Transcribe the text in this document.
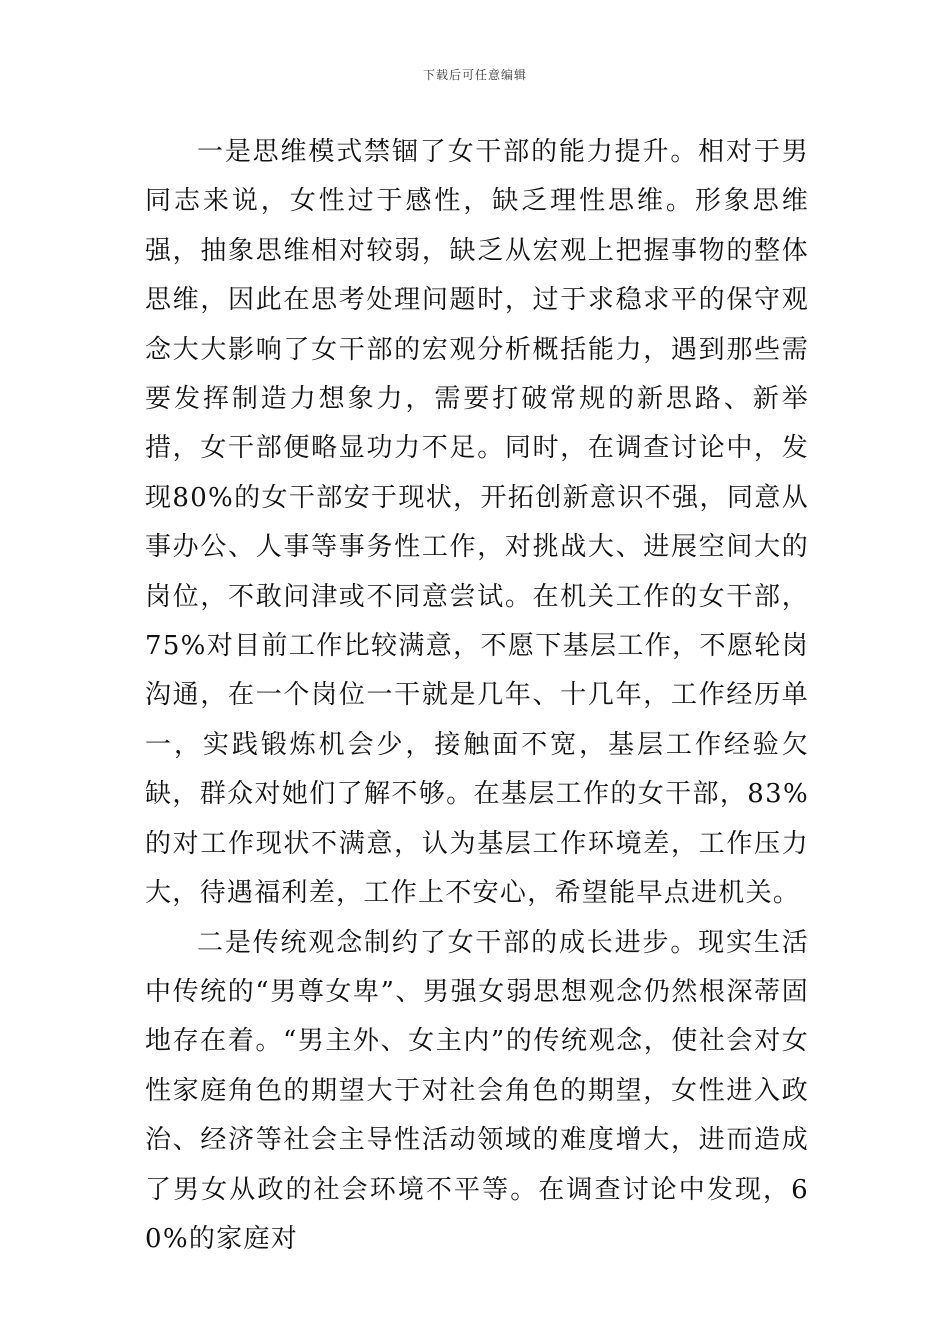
下载后可任意编辑

一是思维模式禁锢了女干部的能力提升。相对于男同志来说，女性过于感性，缺乏理性思维。形象思维强，抽象思维相对较弱，缺乏从宏观上把握事物的整体思维，因此在思考处理问题时，过于求稳求平的保守观念大大影响了女干部的宏观分析概括能力，遇到那些需要发挥制造力想象力，需要打破常规的新思路、新举措，女干部便略显功力不足。同时，在调查讨论中，发现80%的女干部安于现状，开拓创新意识不强，同意从事办公、人事等事务性工作，对挑战大、进展空间大的岗位，不敢问津或不同意尝试。在机关工作的女干部，75%对目前工作比较满意，不愿下基层工作，不愿轮岗沟通，在一个岗位一干就是几年、十几年，工作经历单一，实践锻炼机会少，接触面不宽，基层工作经验欠缺，群众对她们了解不够。在基层工作的女干部，83%的对工作现状不满意，认为基层工作环境差，工作压力大，待遇福利差，工作上不安心，希望能早点进机关。

二是传统观念制约了女干部的成长进步。现实生活中传统的“男尊女卑”、男强女弱思想观念仍然根深蒂固地存在着。“男主外、女主内”的传统观念，使社会对女性家庭角色的期望大于对社会角色的期望，女性进入政治、经济等社会主导性活动领域的难度增大，进而造成了男女从政的社会环境不平等。在调查讨论中发现，60%的家庭对
